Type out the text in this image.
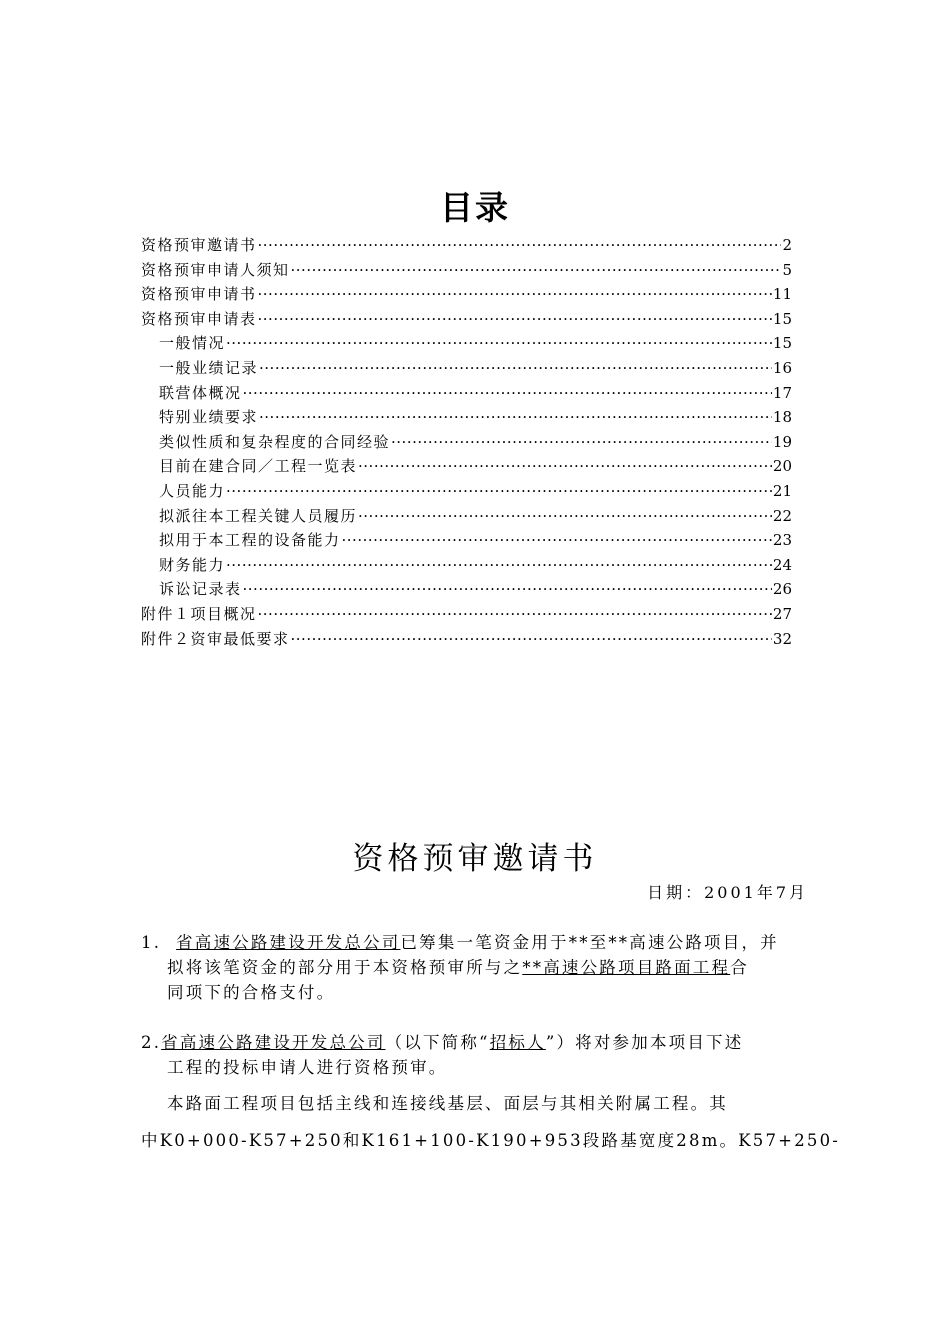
目录
资格预审邀请书 ·····	2
资格预审申请人须知 ·····	5
资格预审申请书 ·····	11
资格预审申请表 ·····	15
一般情况 ·····	15
一般业绩记录 ·····	16
联营体概况 ·····	17
特别业绩要求 ·····	18
类似性质和复杂程度的合同经验 ·····	19
目前在建合同／工程一览表 ·····	20
人员能力 ·····	21
拟派往本工程关键人员履历 ·····	22
拟用于本工程的设备能力 ·····	23
财务能力 ·····	24
诉讼记录表 ·····	26
附件１项目概况 ·····	27
附件２资审最低要求 ·····	32
资格预审邀请书
日期：2001年7月
1. 省高速公路建设开发总公司已筹集一笔资金用于**至**高速公路项目，并
拟将该笔资金的部分用于本资格预审所与之**高速公路项目路面工程合
同项下的合格支付。
2.省高速公路建设开发总公司（以下简称“招标人”）将对参加本项目下述
工程的投标申请人进行资格预审。
本路面工程项目包括主线和连接线基层、面层与其相关附属工程。其
中K0+000-K57+250和K161+100-K190+953段路基宽度28m。K57+250-
